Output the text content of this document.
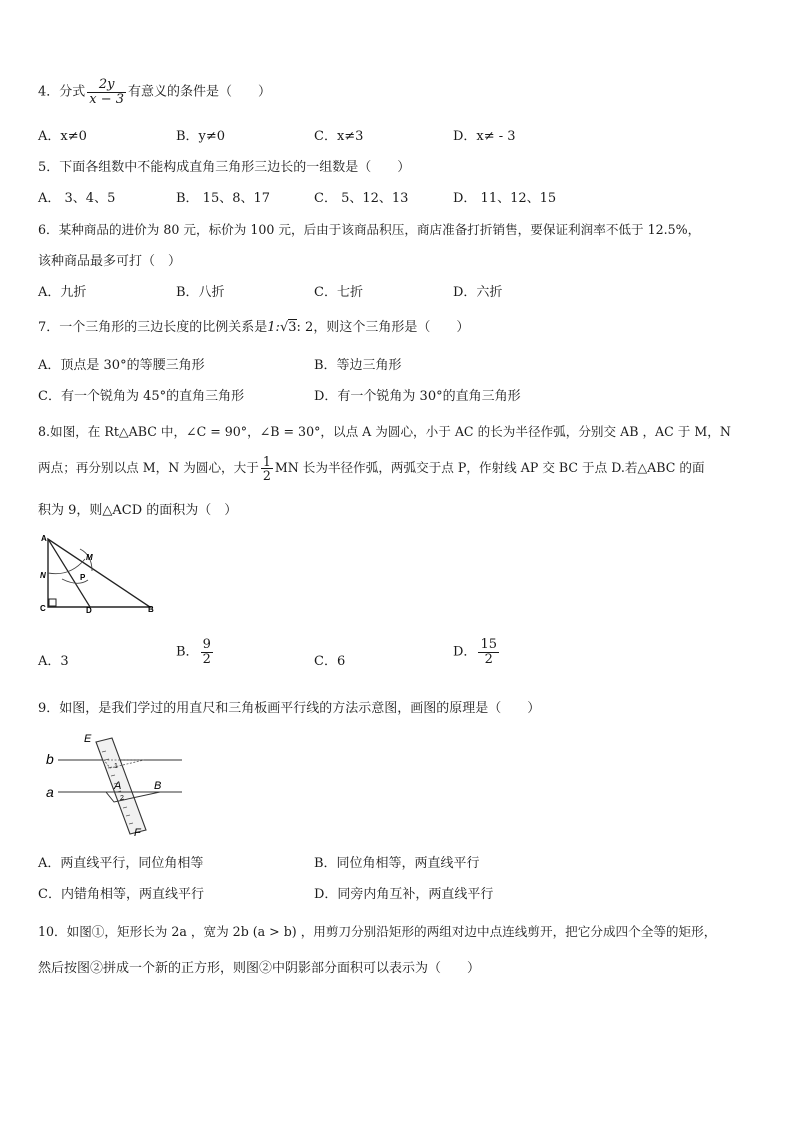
4．分式 $\frac{2y}{x - 3}$ 有意义的条件是（　　）
A．x≠0	B．y≠0	C．x≠3	D．x≠ - 3
5．下面各组数中不能构成直角三角形三边长的一组数是（　　）
A． 3、4、5	B． 15、8、17	C． 5、12、13	D． 11、12、15
6．某种商品的进价为 80 元，标价为 100 元，后由于该商品积压，商店准备打折销售，要保证利润率不低于 12.5%，
该种商品最多可打（　）
A．九折	B．八折	C．七折	D．六折
7．一个三角形的三边长度的比例关系是1:√3: 2，则这个三角形是（　　）
A．顶点是 30°的等腰三角形	B．等边三角形
C．有一个锐角为 45°的直角三角形	D．有一个锐角为 30°的直角三角形
8.如图，在 Rt△ABC 中，∠C = 90°，∠B = 30°，以点 A 为圆心，小于 AC 的长为半径作弧，分别交 AB ，AC 于 M，N
两点；再分别以点 M，N 为圆心，大于 $\frac{1}{2}$ MN 长为半径作弧，两弧交于点 P，作射线 AP 交 BC 于点 D.若△ABC 的面
积为 9，则△ACD 的面积为（　）
A
M
N	P
C	D	B
A．3
B． $\frac{9}{2}$	C．6
D． $\frac{15}{2}$
9．如图，是我们学过的用直尺和三角板画平行线的方法示意图，画图的原理是（　　）
E
b
a	A	B
1
2
F
A．两直线平行，同位角相等	B．同位角相等，两直线平行
C．内错角相等，两直线平行	D．同旁内角互补，两直线平行
10．如图①，矩形长为 2a ，宽为 2b (a > b) ，用剪刀分别沿矩形的两组对边中点连线剪开，把它分成四个全等的矩形，
然后按图②拼成一个新的正方形，则图②中阴影部分面积可以表示为（　　）
